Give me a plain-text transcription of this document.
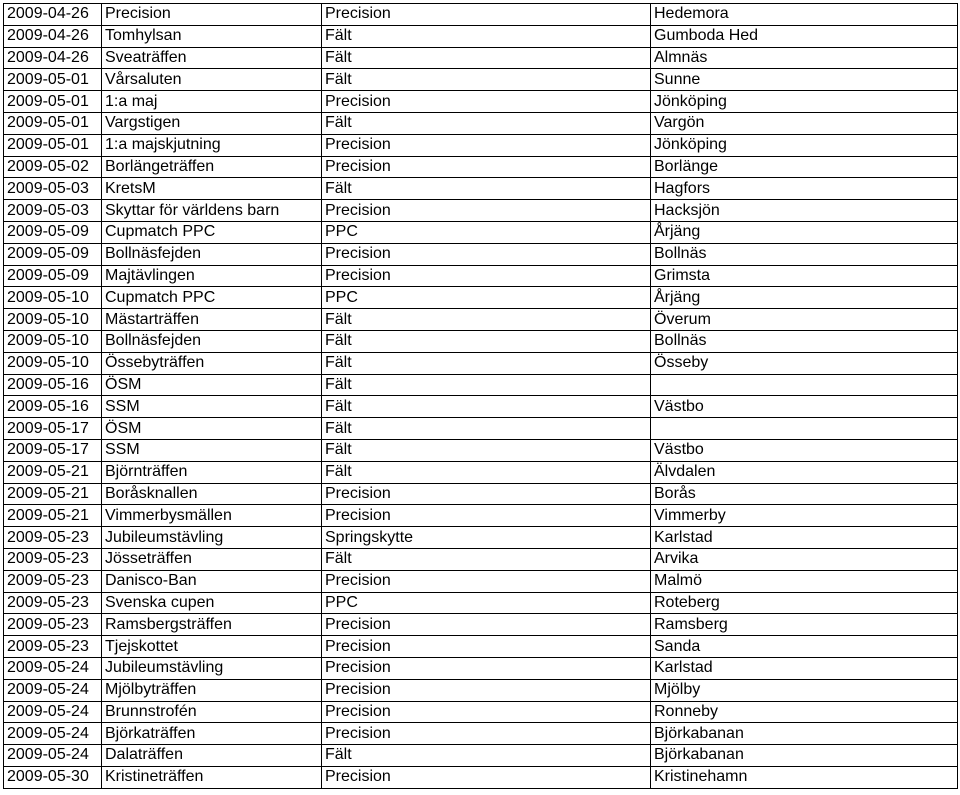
2009-04-26	Precision	Precision	Hedemora
2009-04-26	Tomhylsan	Fält	Gumboda Hed
2009-04-26	Sveaträffen	Fält	Almnäs
2009-05-01	Vårsaluten	Fält	Sunne
2009-05-01	1:a maj	Precision	Jönköping
2009-05-01	Vargstigen	Fält	Vargön
2009-05-01	1:a majskjutning	Precision	Jönköping
2009-05-02	Borlängeträffen	Precision	Borlänge
2009-05-03	KretsM	Fält	Hagfors
2009-05-03	Skyttar för världens barn	Precision	Hacksjön
2009-05-09	Cupmatch PPC	PPC	Årjäng
2009-05-09	Bollnäsfejden	Precision	Bollnäs
2009-05-09	Majtävlingen	Precision	Grimsta
2009-05-10	Cupmatch PPC	PPC	Årjäng
2009-05-10	Mästarträffen	Fält	Överum
2009-05-10	Bollnäsfejden	Fält	Bollnäs
2009-05-10	Össebyträffen	Fält	Össeby
2009-05-16	ÖSM	Fält	
2009-05-16	SSM	Fält	Västbo
2009-05-17	ÖSM	Fält	
2009-05-17	SSM	Fält	Västbo
2009-05-21	Björnträffen	Fält	Älvdalen
2009-05-21	Boråsknallen	Precision	Borås
2009-05-21	Vimmerbysmällen	Precision	Vimmerby
2009-05-23	Jubileumstävling	Springskytte	Karlstad
2009-05-23	Jösseträffen	Fält	Arvika
2009-05-23	Danisco-Ban	Precision	Malmö
2009-05-23	Svenska cupen	PPC	Roteberg
2009-05-23	Ramsbergsträffen	Precision	Ramsberg
2009-05-23	Tjejskottet	Precision	Sanda
2009-05-24	Jubileumstävling	Precision	Karlstad
2009-05-24	Mjölbyträffen	Precision	Mjölby
2009-05-24	Brunnstrofén	Precision	Ronneby
2009-05-24	Björkaträffen	Precision	Björkabanan
2009-05-24	Dalaträffen	Fält	Björkabanan
2009-05-30	Kristineträffen	Precision	Kristinehamn
